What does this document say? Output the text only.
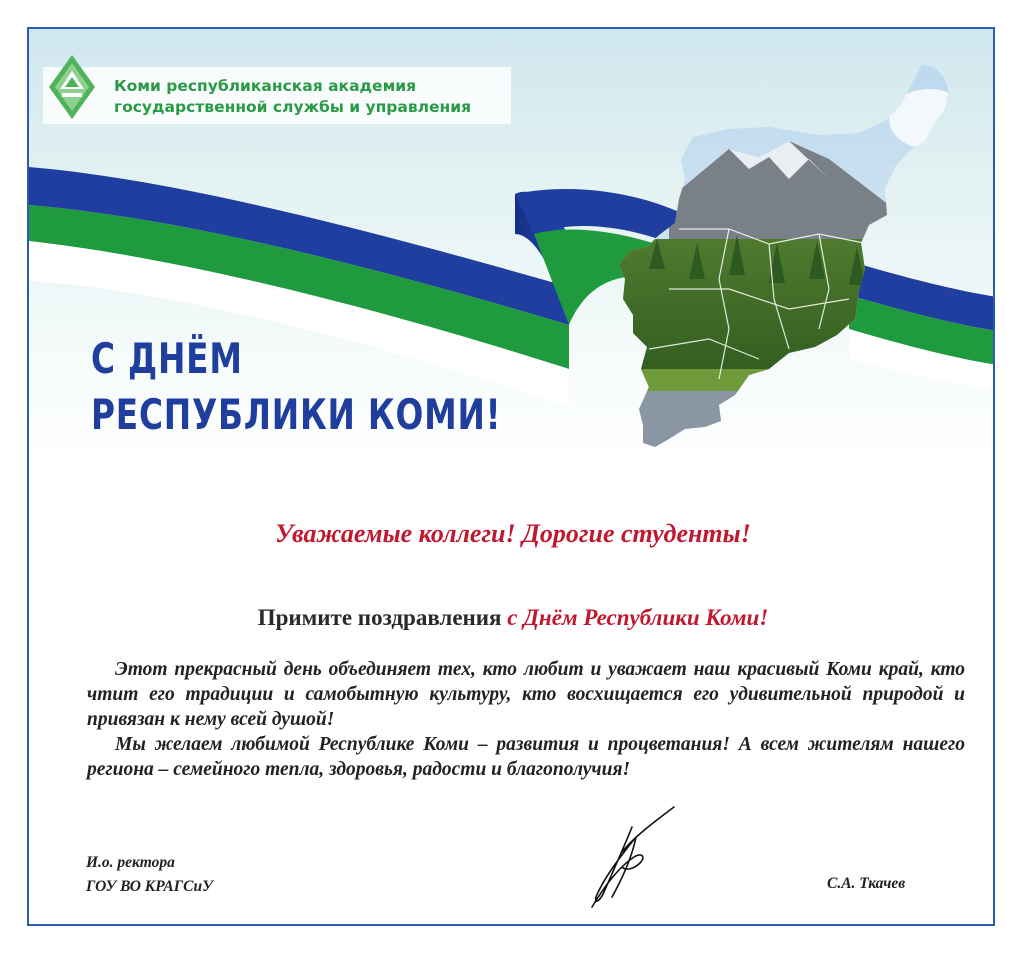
Коми республиканская академия
государственной службы и управления
С ДНЁМ
РЕСПУБЛИКИ КОМИ!
Уважаемые коллеги! Дорогие студенты!
Примите поздравления с Днём Республики Коми!

Этот прекрасный день объединяет тех, кто любит и уважает наш красивый Коми край, кто чтит его традиции и самобытную культуру, кто восхищается его удивительной природой и привязан к нему всей душой!

Мы желаем любимой Республике Коми – развития и процветания! А всем жителям нашего региона – семейного тепла, здоровья, радости и благополучия!

И.о. ректора
ГОУ ВО КРАГСиУ	С.А. Ткачев
